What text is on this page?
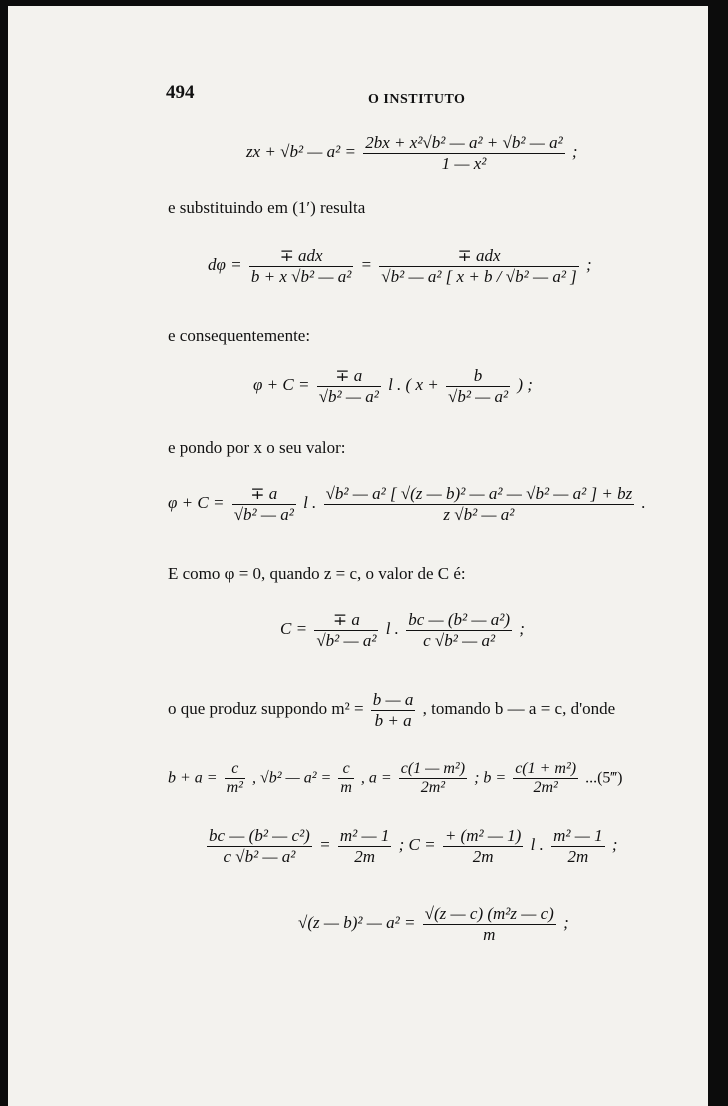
494	O INSTITUTO
zx + √b² — $a^2 = \frac{\text{2bx + x²√b² — a² + √b² — a²}}{\text{1 — x²}}$ ;
e substituindo em (1′) resulta
dφ =	∓ adx
b + x √b² — a²
=	∓ adx
√b² — a² [ x + b / √b² — a² ]
;
e consequentemente:
$\varphi + C = \frac{\mp a}{\text{√b² — a²}}$ l . ( $x + \frac{b}{\text{√b² — a²}}$ ) ;
e pondo por x o seu valor:
$\varphi + C = \frac{\mp a}{\text{√b² — a²}}$ l . $\frac{\text{√b² — a² [ √(z — b)² — a² — √b² — a² ] + bz}}{\text{z √b² — a²}}$ .
E como φ = 0, quando z = c, o valor de C é:
$C = \frac{\mp a}{\text{√b² — a²}}$ l . $\frac{\text{bc — (b² — a²)}}{\text{c √b² — a²}}$ ;
o que produz suppondo $m^2 = \frac{b — a}{b + a}$ , tomando b — a = c, d'onde
$b + a = \frac{c}{\text{m²}}$ , √b² — $a^2 = \frac{c}{m}$ , $a = \frac{\text{c(1 — m²)}}{\text{2m²}}$ ; $b = \frac{\text{c(1 + m²)}}{\text{2m²}}$ ...(5‴)
$\frac{\text{bc — (b² — c²)}}{\text{c √b² — a²}} = \frac{\text{m² — 1}}{2m}$ ; $C = \frac{\text{+ (m² — 1)}}{2m}$ l . $\frac{\text{m² — 1}}{2m}$ ;
√(z — b)² — $a^2 = \frac{\text{√(z — c) (m²z — c)}}{m}$ ;
